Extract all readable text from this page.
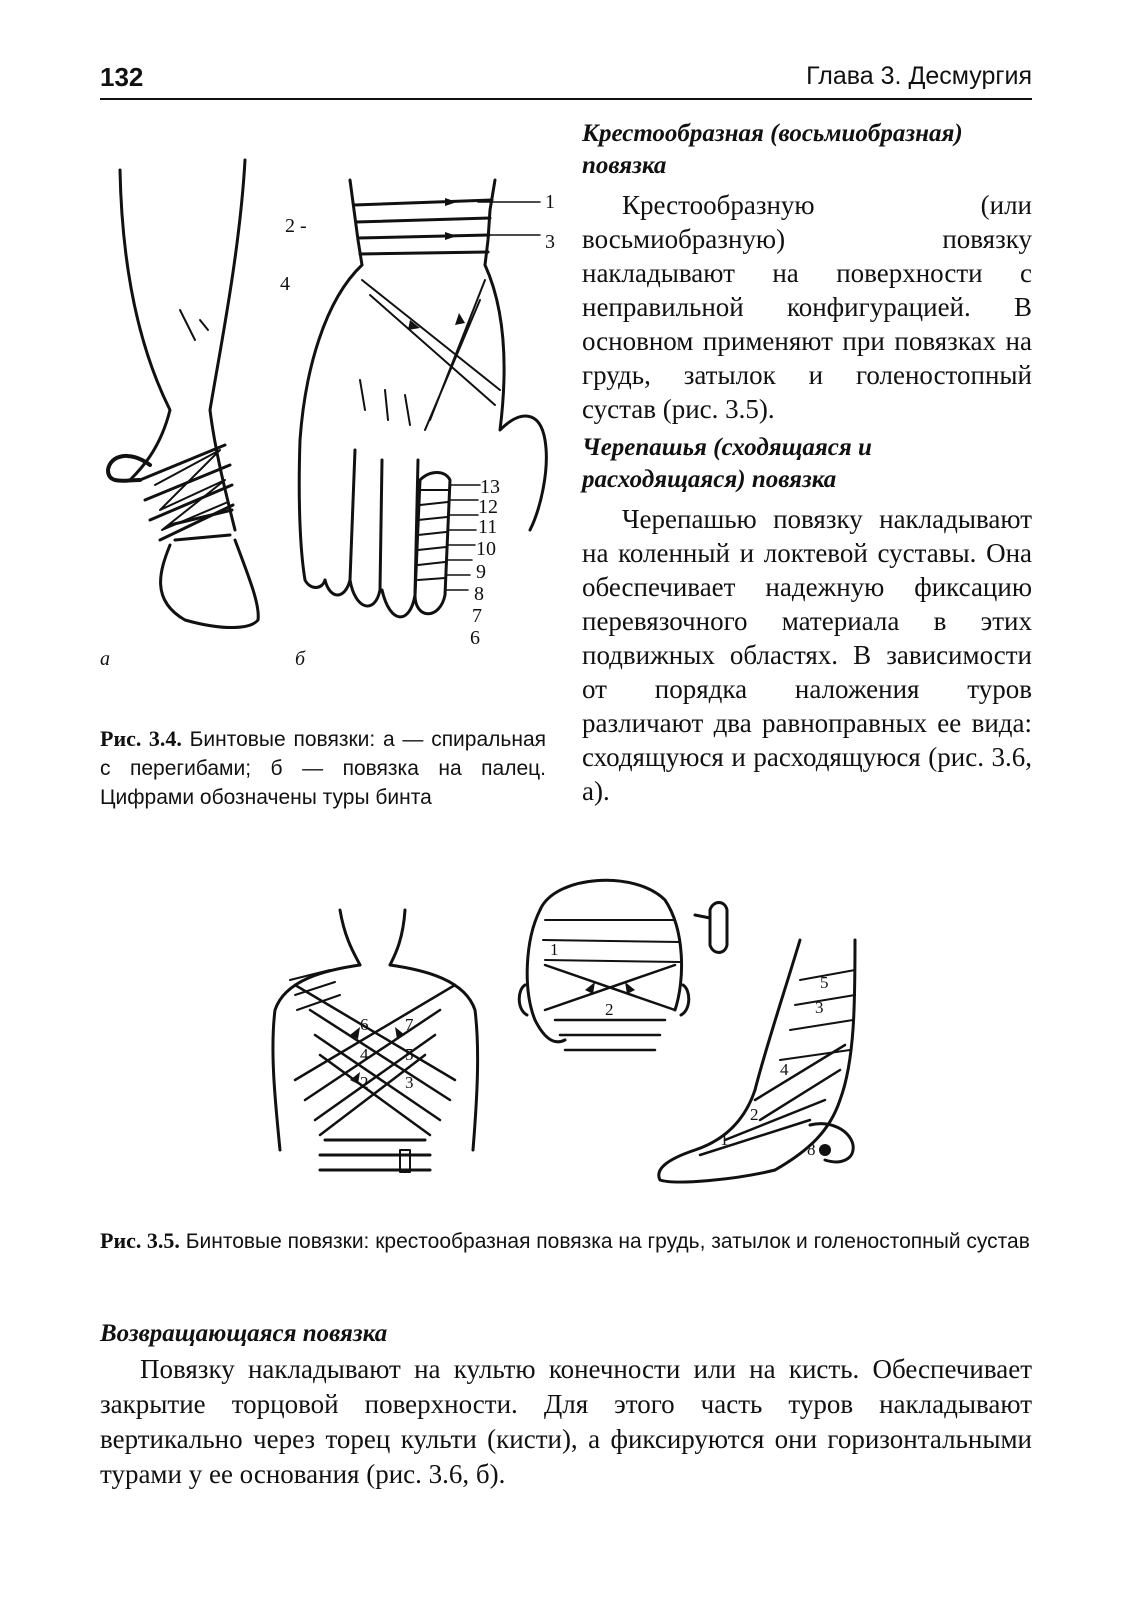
132	Глава 3. Десмургия
1
2 -
3
4
13
12
11
10
9
8
7
6
а	б
Рис. 3.4. Бинтовые повязки: а — спиральная с перегибами; б — повязка на палец. Цифрами обозначены туры бинта
Крестообразная (восьмиобразная) повязка

Крестообразную (или восьмиобразную) повязку накладывают на поверхности с неправильной конфигурацией. В основном применяют при повязках на грудь, затылок и голеностопный сустав (рис. 3.5).

Черепашья (сходящаяся и расходящаяся) повязка

Черепашью повязку накладывают на коленный и локтевой суставы. Она обеспечивает надежную фиксацию перевязочного материала в этих подвижных областях. В зависимости от порядка наложения туров различают два равноправных ее вида: сходящуюся и расходящуюся (рис. 3.6, а).

6 7
4 5
2 3
1
2
5
3
4
2
1
8
Рис. 3.5. Бинтовые повязки: крестообразная повязка на грудь, затылок и голеностопный сустав
Возвращающаяся повязка

Повязку накладывают на культю конечности или на кисть. Обеспечивает закрытие торцовой поверхности. Для этого часть туров накладывают вертикально через торец культи (кисти), а фиксируются они горизонтальными турами у ее основания (рис. 3.6, б).
